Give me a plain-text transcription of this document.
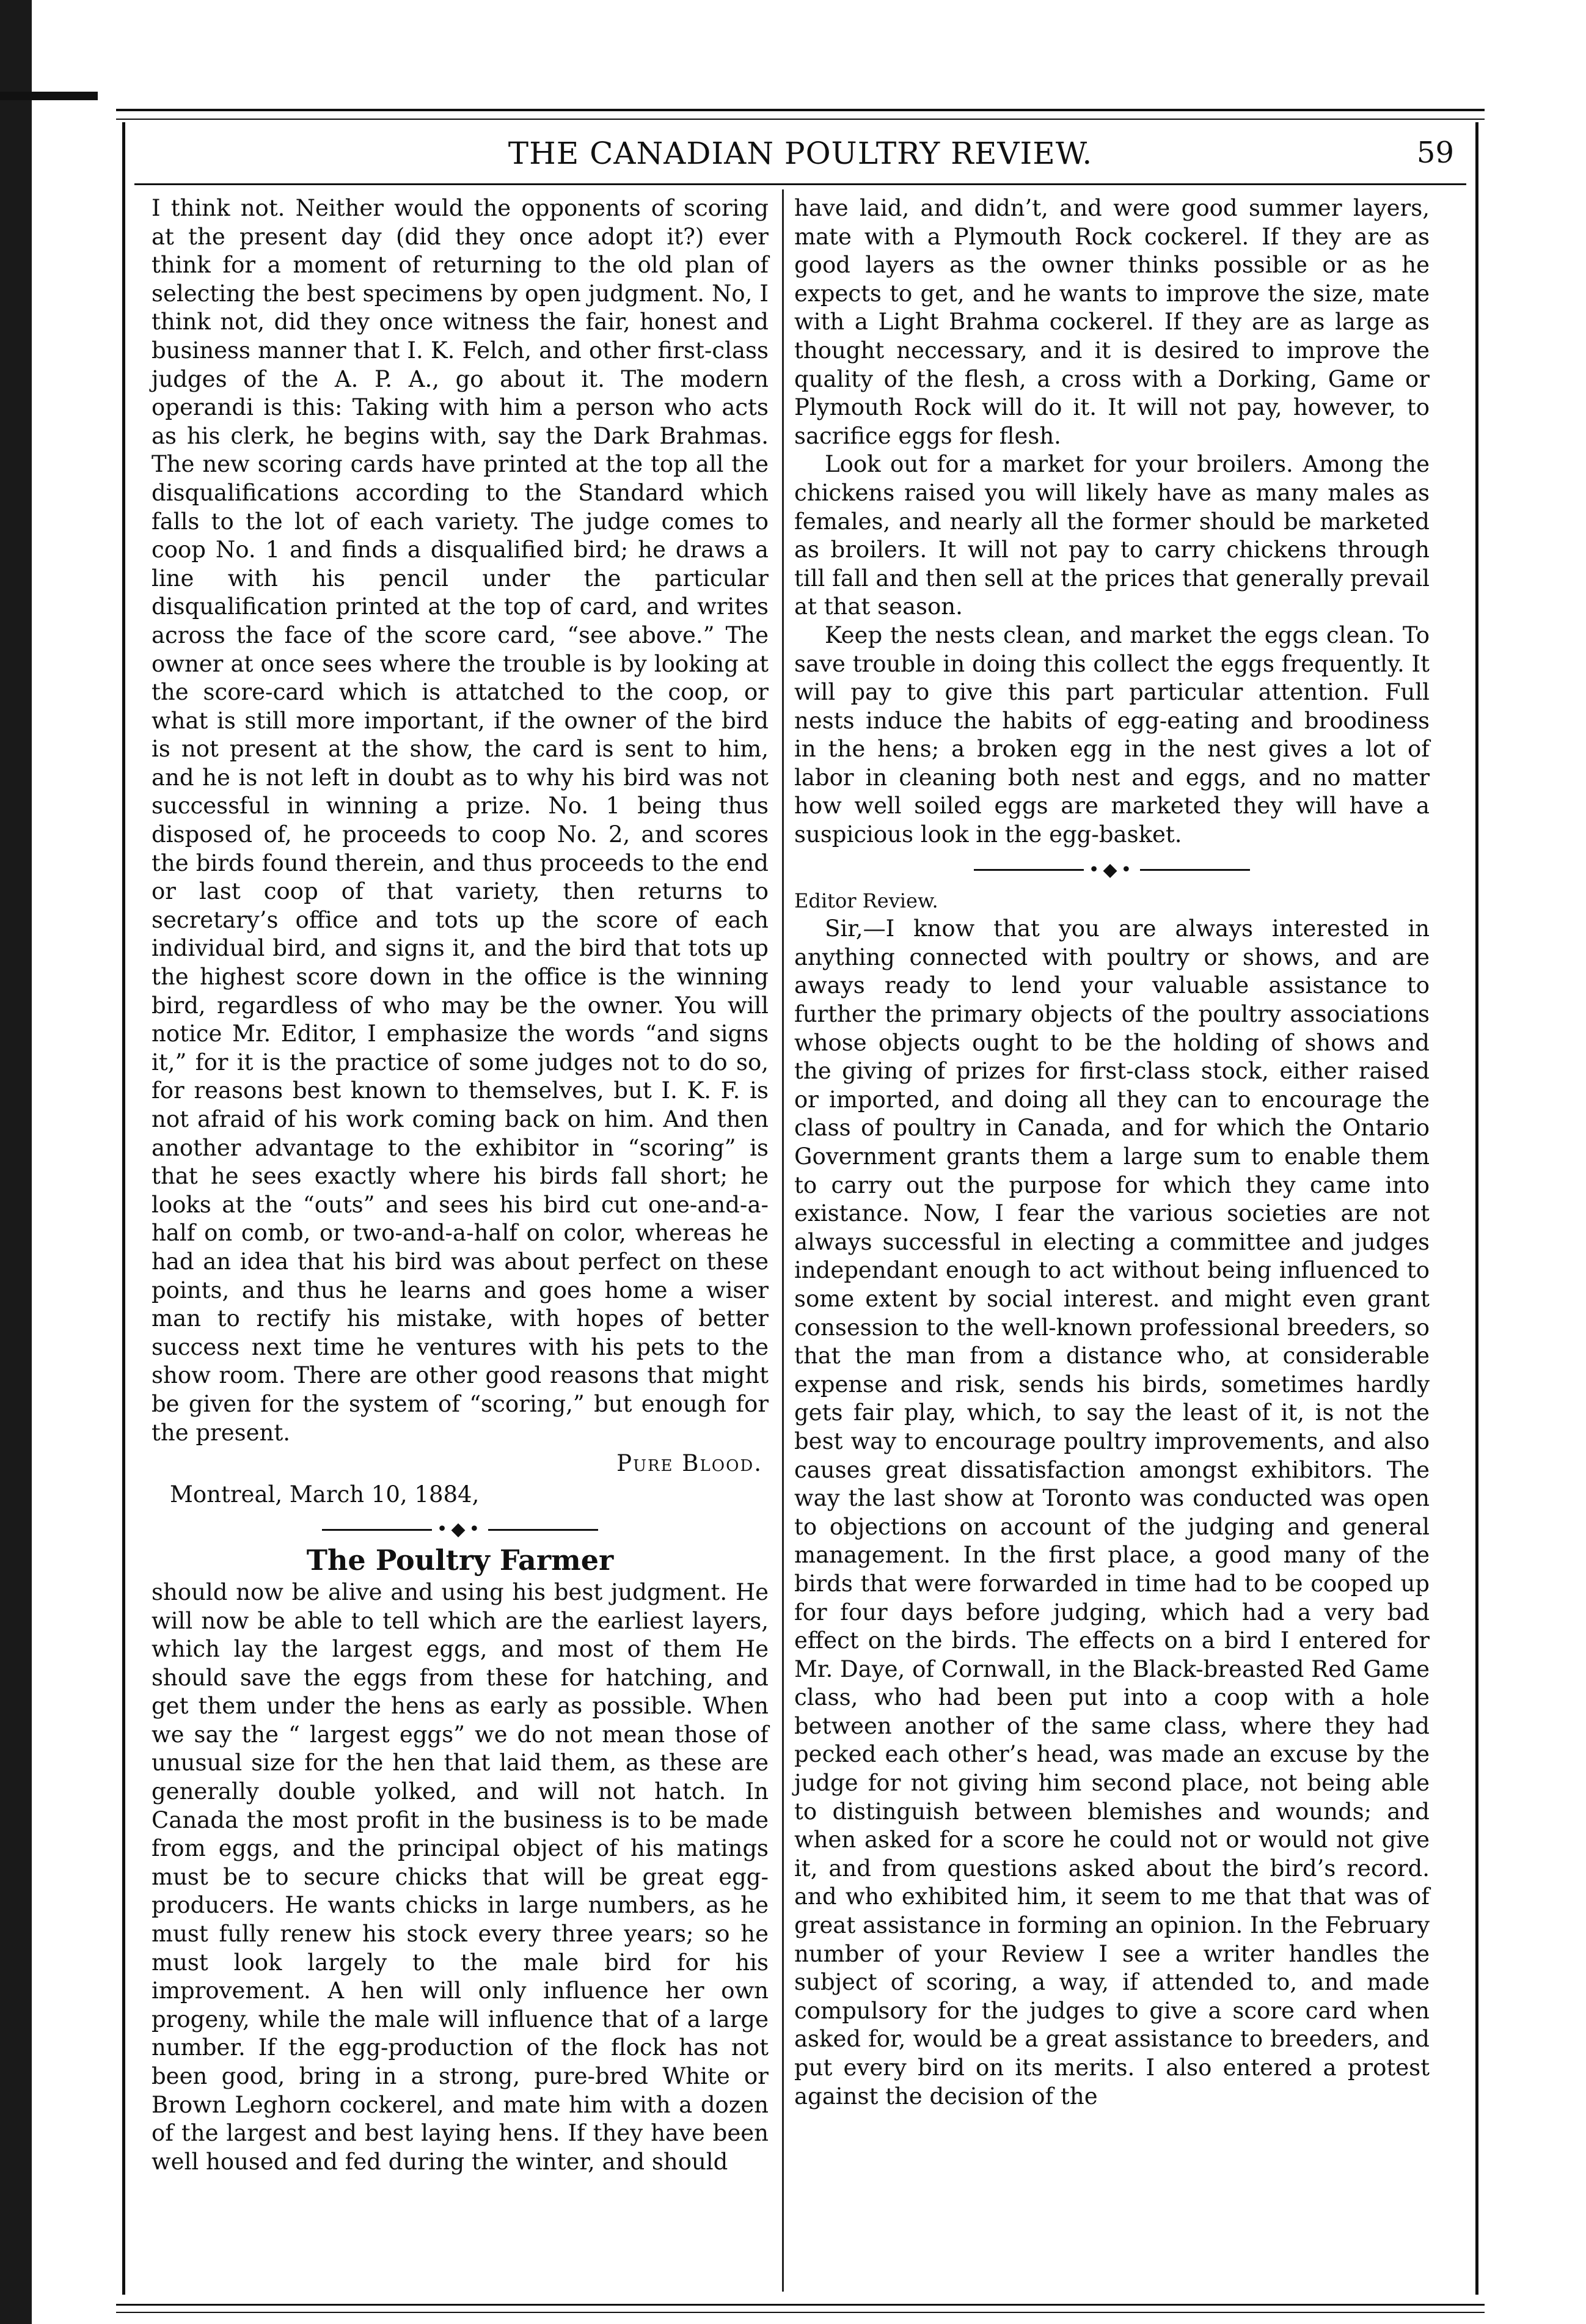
THE CANADIAN POULTRY REVIEW.	59

I think not. Neither would the opponents of scoring at the present day (did they once adopt it?) ever think for a moment of returning to the old plan of selecting the best specimens by open judgment. No, I think not, did they once witness the fair, honest and business manner that I. K. Felch, and other first-class judges of the A. P. A., go about it. The modern operandi is this: Taking with him a person who acts as his clerk, he begins with, say the Dark Brahmas. The new scoring cards have printed at the top all the disqualifications according to the Standard which falls to the lot of each variety. The judge comes to coop No. 1 and finds a disqualified bird; he draws a line with his pencil under the particular disqualification printed at the top of card, and writes across the face of the score card, “see above.” The owner at once sees where the trouble is by looking at the score-card which is attatched to the coop, or what is still more important, if the owner of the bird is not present at the show, the card is sent to him, and he is not left in doubt as to why his bird was not successful in winning a prize. No. 1 being thus disposed of, he proceeds to coop No. 2, and scores the birds found therein, and thus proceeds to the end or last coop of that variety, then returns to secretary’s office and tots up the score of each individual bird, and signs it, and the bird that tots up the highest score down in the office is the winning bird, regardless of who may be the owner. You will notice Mr. Editor, I emphasize the words “and signs it,” for it is the practice of some judges not to do so, for reasons best known to themselves, but I. K. F. is not afraid of his work coming back on him. And then another advantage to the exhibitor in “scoring” is that he sees exactly where his birds fall short; he looks at the “outs” and sees his bird cut one-and-a-half on comb, or two-and-a-half on color, whereas he had an idea that his bird was about perfect on these points, and thus he learns and goes home a wiser man to rectify his mistake, with hopes of better success next time he ventures with his pets to the show room. There are other good reasons that might be given for the system of “scoring,” but enough for the present.

Pure Blood.
Montreal, March 10, 1884,
•◆•
The Poultry Farmer

should now be alive and using his best judgment. He will now be able to tell which are the earliest layers, which lay the largest eggs, and most of them He should save the eggs from these for hatching, and get them under the hens as early as possible. When we say the “ largest eggs” we do not mean those of unusual size for the hen that laid them, as these are generally double yolked, and will not hatch. In Canada the most profit in the business is to be made from eggs, and the principal object of his matings must be to secure chicks that will be great egg-producers. He wants chicks in large numbers, as he must fully renew his stock every three years; so he must look largely to the male bird for his improvement. A hen will only influence her own progeny, while the male will influence that of a large number. If the egg-production of the flock has not been good, bring in a strong, pure-bred White or Brown Leghorn cockerel, and mate him with a dozen of the largest and best laying hens. If they have been well housed and fed during the winter, and should

have laid, and didn’t, and were good summer layers, mate with a Plymouth Rock cockerel. If they are as good layers as the owner thinks possible or as he expects to get, and he wants to improve the size, mate with a Light Brahma cockerel. If they are as large as thought neccessary, and it is desired to improve the quality of the flesh, a cross with a Dorking, Game or Plymouth Rock will do it. It will not pay, however, to sacrifice eggs for flesh.

Look out for a market for your broilers. Among the chickens raised you will likely have as many males as females, and nearly all the former should be marketed as broilers. It will not pay to carry chickens through till fall and then sell at the prices that generally prevail at that season.

Keep the nests clean, and market the eggs clean. To save trouble in doing this collect the eggs frequently. It will pay to give this part particular attention. Full nests induce the habits of egg-eating and broodiness in the hens; a broken egg in the nest gives a lot of labor in cleaning both nest and eggs, and no matter how well soiled eggs are marketed they will have a suspicious look in the egg-basket.

•◆•
Editor Review.

Sir,—I know that you are always interested in anything connected with poultry or shows, and are aways ready to lend your valuable assistance to further the primary objects of the poultry associations whose objects ought to be the holding of shows and the giving of prizes for first-class stock, either raised or imported, and doing all they can to encourage the class of poultry in Canada, and for which the Ontario Government grants them a large sum to enable them to carry out the purpose for which they came into existance. Now, I fear the various societies are not always successful in electing a committee and judges independant enough to act without being influenced to some extent by social interest. and might even grant consession to the well-known professional breeders, so that the man from a distance who, at considerable expense and risk, sends his birds, sometimes hardly gets fair play, which, to say the least of it, is not the best way to encourage poultry improvements, and also causes great dissatisfaction amongst exhibitors. The way the last show at Toronto was conducted was open to objections on account of the judging and general management. In the first place, a good many of the birds that were forwarded in time had to be cooped up for four days before judging, which had a very bad effect on the birds. The effects on a bird I entered for Mr. Daye, of Cornwall, in the Black-breasted Red Game class, who had been put into a coop with a hole between another of the same class, where they had pecked each other’s head, was made an excuse by the judge for not giving him second place, not being able to distinguish between blemishes and wounds; and when asked for a score he could not or would not give it, and from questions asked about the bird’s record. and who exhibited him, it seem to me that that was of great assistance in forming an opinion. In the February number of your Review I see a writer handles the subject of scoring, a way, if attended to, and made compulsory for the judges to give a score card when asked for, would be a great assistance to breeders, and put every bird on its merits. I also entered a protest against the decision of the
